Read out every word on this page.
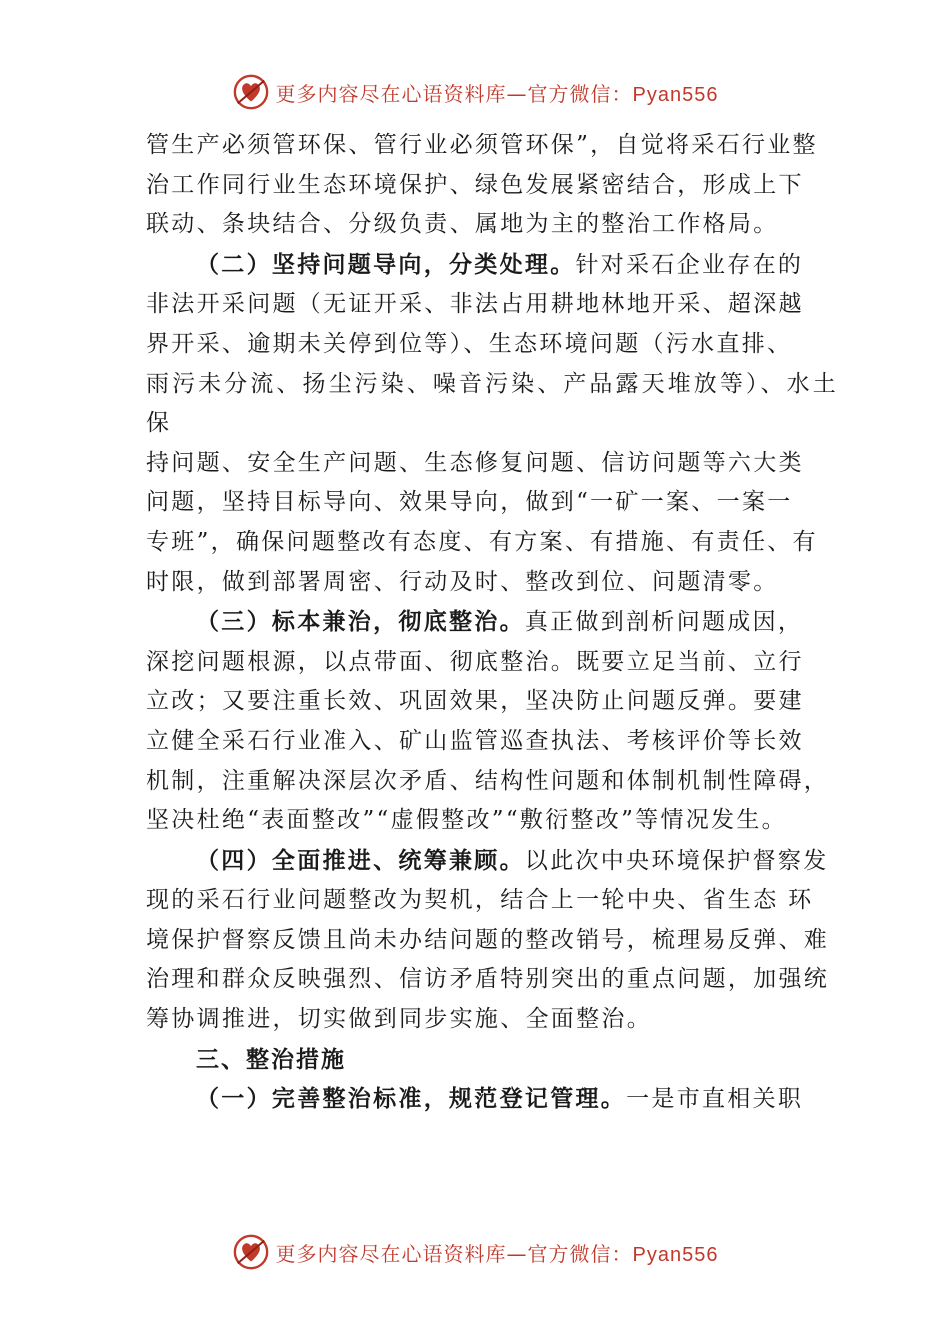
更多内容尽在心语资料库—官方微信：Pyan556

管生产必须管环保、管行业必须管环保”，自觉将采石行业整
治工作同行业生态环境保护、绿色发展紧密结合，形成上下
联动、条块结合、分级负责、属地为主的整治工作格局。

（二）坚持问题导向，分类处理。针对采石企业存在的
非法开采问题（无证开采、非法占用耕地林地开采、超深越
界开采、逾期未关停到位等）、生态环境问题（污水直排、
雨污未分流、扬尘污染、噪音污染、产品露天堆放等）、水土保
持问题、安全生产问题、生态修复问题、信访问题等六大类
问题，坚持目标导向、效果导向，做到“一矿一案、一案一
专班”，确保问题整改有态度、有方案、有措施、有责任、有
时限，做到部署周密、行动及时、整改到位、问题清零。

（三）标本兼治，彻底整治。真正做到剖析问题成因，
深挖问题根源，以点带面、彻底整治。既要立足当前、立行
立改；又要注重长效、巩固效果，坚决防止问题反弹。要建
立健全采石行业准入、矿山监管巡查执法、考核评价等长效
机制，注重解决深层次矛盾、结构性问题和体制机制性障碍，
坚决杜绝“表面整改”“虚假整改”“敷衍整改”等情况发生。

（四）全面推进、统筹兼顾。以此次中央环境保护督察发
现的采石行业问题整改为契机，结合上一轮中央、省生态 环
境保护督察反馈且尚未办结问题的整改销号，梳理易反弹、难
治理和群众反映强烈、信访矛盾特别突出的重点问题，加强统
筹协调推进，切实做到同步实施、全面整治。

三、整治措施

（一）完善整治标准，规范登记管理。一是市直相关职

更多内容尽在心语资料库—官方微信：Pyan556
